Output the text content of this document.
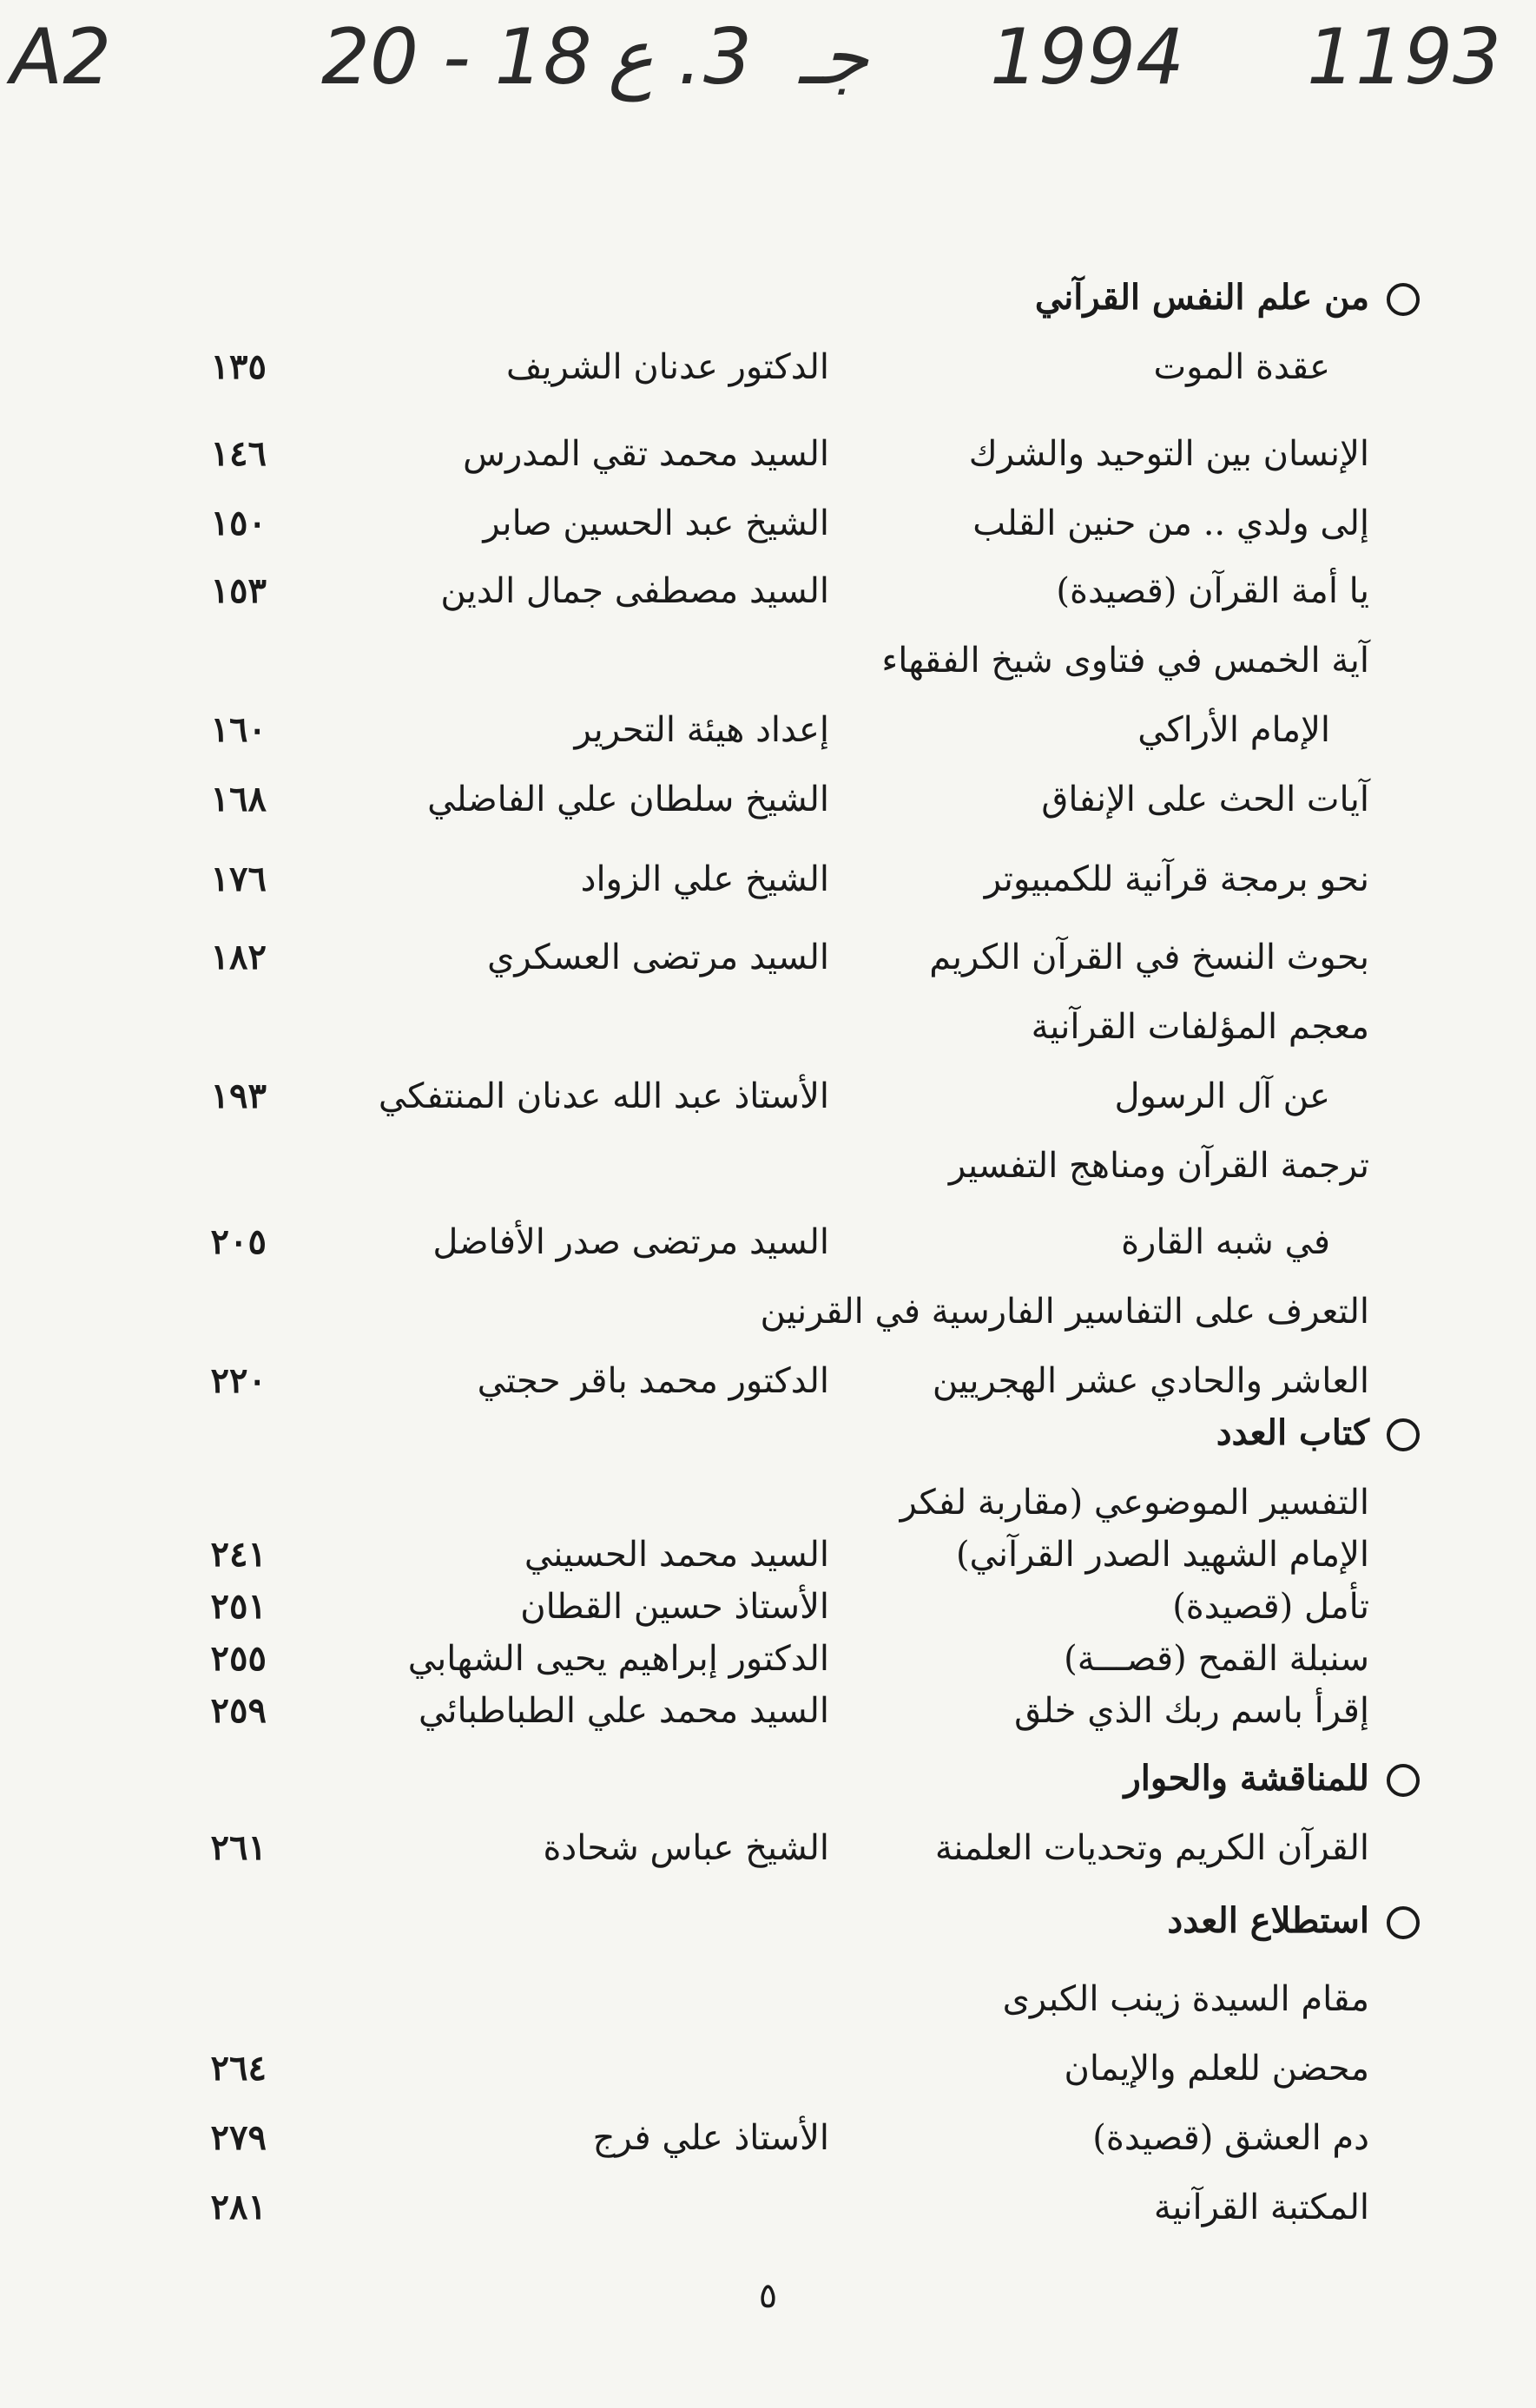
A2	20 - 18 ع . 3 جـ 1994 1193
من علم النفس القرآني
عقدة الموت
الدكتور عدنان الشريف
١٣٥
الإنسان بين التوحيد والشرك
السيد محمد تقي المدرس
١٤٦
إلى ولدي .. من حنين القلب
الشيخ عبد الحسين صابر
١٥٠
يا أمة القرآن (قصيدة)
السيد مصطفى جمال الدين
١٥٣
آية الخمس في فتاوى شيخ الفقهاء
الإمام الأراكي
إعداد هيئة التحرير
١٦٠
آيات الحث على الإنفاق
الشيخ سلطان علي الفاضلي
١٦٨
نحو برمجة قرآنية للكمبيوتر
الشيخ علي الزواد
١٧٦
بحوث النسخ في القرآن الكريم
السيد مرتضى العسكري
١٨٢
معجم المؤلفات القرآنية
عن آل الرسول
الأستاذ عبد الله عدنان المنتفكي
١٩٣
ترجمة القرآن ومناهج التفسير
في شبه القارة
السيد مرتضى صدر الأفاضل
٢٠٥
التعرف على التفاسير الفارسية في القرنين
العاشر والحادي عشر الهجريين
الدكتور محمد باقر حجتي
٢٢٠
كتاب العدد
التفسير الموضوعي (مقاربة لفكر
الإمام الشهيد الصدر القرآني)
السيد محمد الحسيني
٢٤١
تأمل (قصيدة)
الأستاذ حسين القطان
٢٥١
سنبلة القمح (قصـــة)
الدكتور إبراهيم يحيى الشهابي
٢٥٥
إقرأ باسم ربك الذي خلق
السيد محمد علي الطباطبائي
٢٥٩
للمناقشة والحوار
القرآن الكريم وتحديات العلمنة
الشيخ عباس شحادة
٢٦١
استطلاع العدد
مقام السيدة زينب الكبرى
محضن للعلم والإيمان
٢٦٤
دم العشق (قصيدة)
الأستاذ علي فرج
٢٧٩
المكتبة القرآنية
٢٨١
٥
